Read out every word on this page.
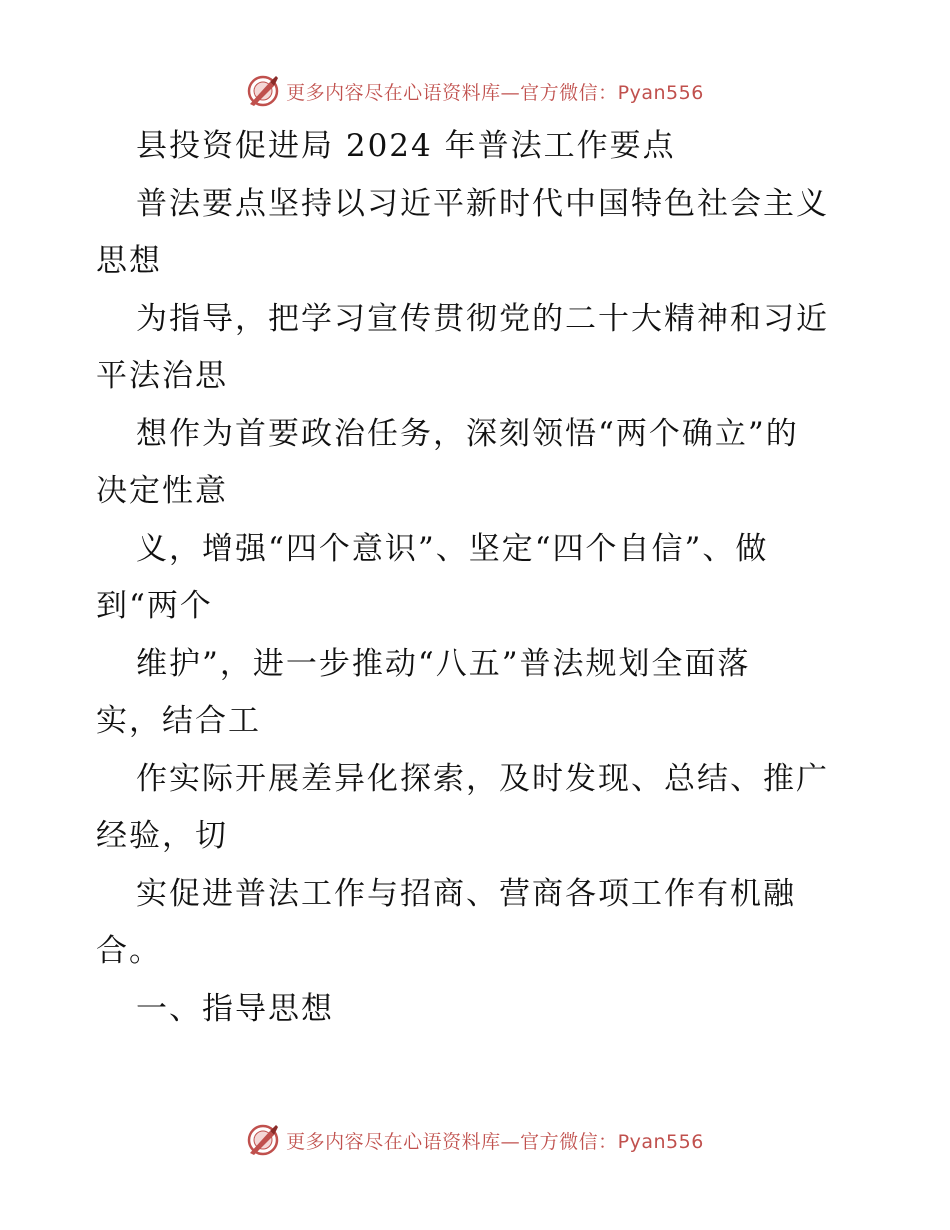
更多内容尽在心语资料库—官方微信：Pyan556
县投资促进局 2024 年普法工作要点
普法要点坚持以习近平新时代中国特色社会主义
思想
为指导，把学习宣传贯彻党的二十大精神和习近
平法治思
想作为首要政治任务，深刻领悟“两个确立”的
决定性意
义，增强“四个意识”、坚定“四个自信”、做
到“两个
维护”，进一步推动“八五”普法规划全面落
实，结合工
作实际开展差异化探索，及时发现、总结、推广
经验，切
实促进普法工作与招商、营商各项工作有机融
合。
一、指导思想
更多内容尽在心语资料库—官方微信：Pyan556
